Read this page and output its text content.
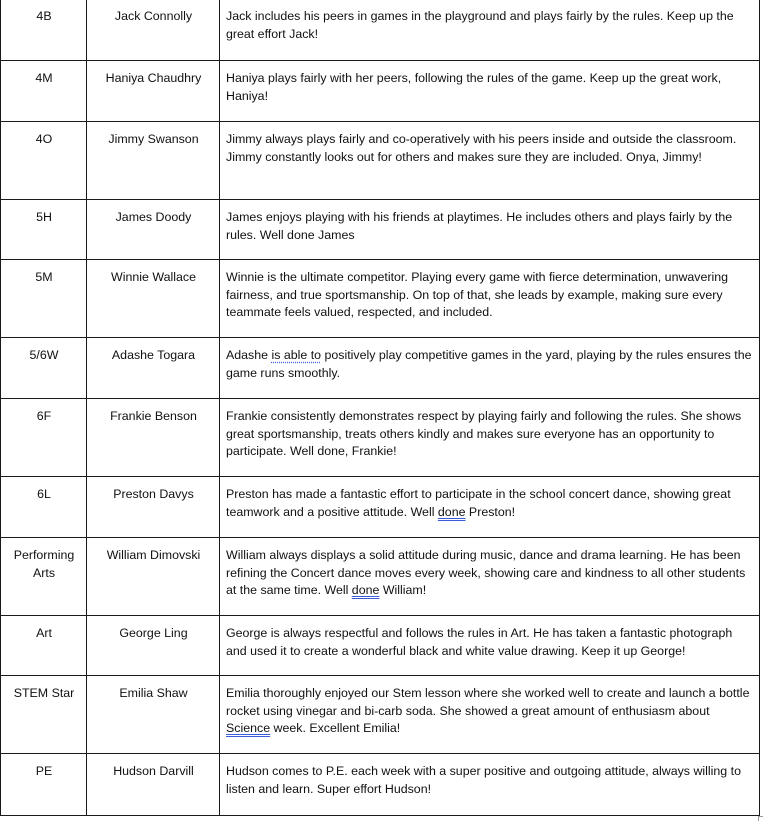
4B	Jack Connolly	Jack includes his peers in games in the playground and plays fairly by the rules. Keep up the great effort Jack!
4M	Haniya Chaudhry	Haniya plays fairly with her peers, following the rules of the game. Keep up the great work, Haniya!
4O	Jimmy Swanson	Jimmy always plays fairly and co-operatively with his peers inside and outside the classroom. Jimmy constantly looks out for others and makes sure they are included. Onya, Jimmy!
5H	James Doody	James enjoys playing with his friends at playtimes. He includes others and plays fairly by the rules. Well done James
5M	Winnie Wallace	Winnie is the ultimate competitor. Playing every game with fierce determination, unwavering fairness, and true sportsmanship. On top of that, she leads by example, making sure every teammate feels valued, respected, and included.
5/6W	Adashe Togara	Adashe is able to positively play competitive games in the yard, playing by the rules ensures the game runs smoothly.
6F	Frankie Benson	Frankie consistently demonstrates respect by playing fairly and following the rules. She shows great sportsmanship, treats others kindly and makes sure everyone has an opportunity to participate. Well done, Frankie!
6L	Preston Davys	Preston has made a fantastic effort to participate in the school concert dance, showing great teamwork and a positive attitude. Well done Preston!
Performing Arts	William Dimovski	William always displays a solid attitude during music, dance and drama learning. He has been refining the Concert dance moves every week, showing care and kindness to all other students at the same time. Well done William!
Art	George Ling	George is always respectful and follows the rules in Art. He has taken a fantastic photograph and used it to create a wonderful black and white value drawing. Keep it up George!
STEM Star	Emilia Shaw	Emilia thoroughly enjoyed our Stem lesson where she worked well to create and launch a bottle rocket using vinegar and bi-carb soda. She showed a great amount of enthusiasm about Science week. Excellent Emilia!
PE	Hudson Darvill	Hudson comes to P.E. each week with a super positive and outgoing attitude, always willing to listen and learn. Super effort Hudson!
